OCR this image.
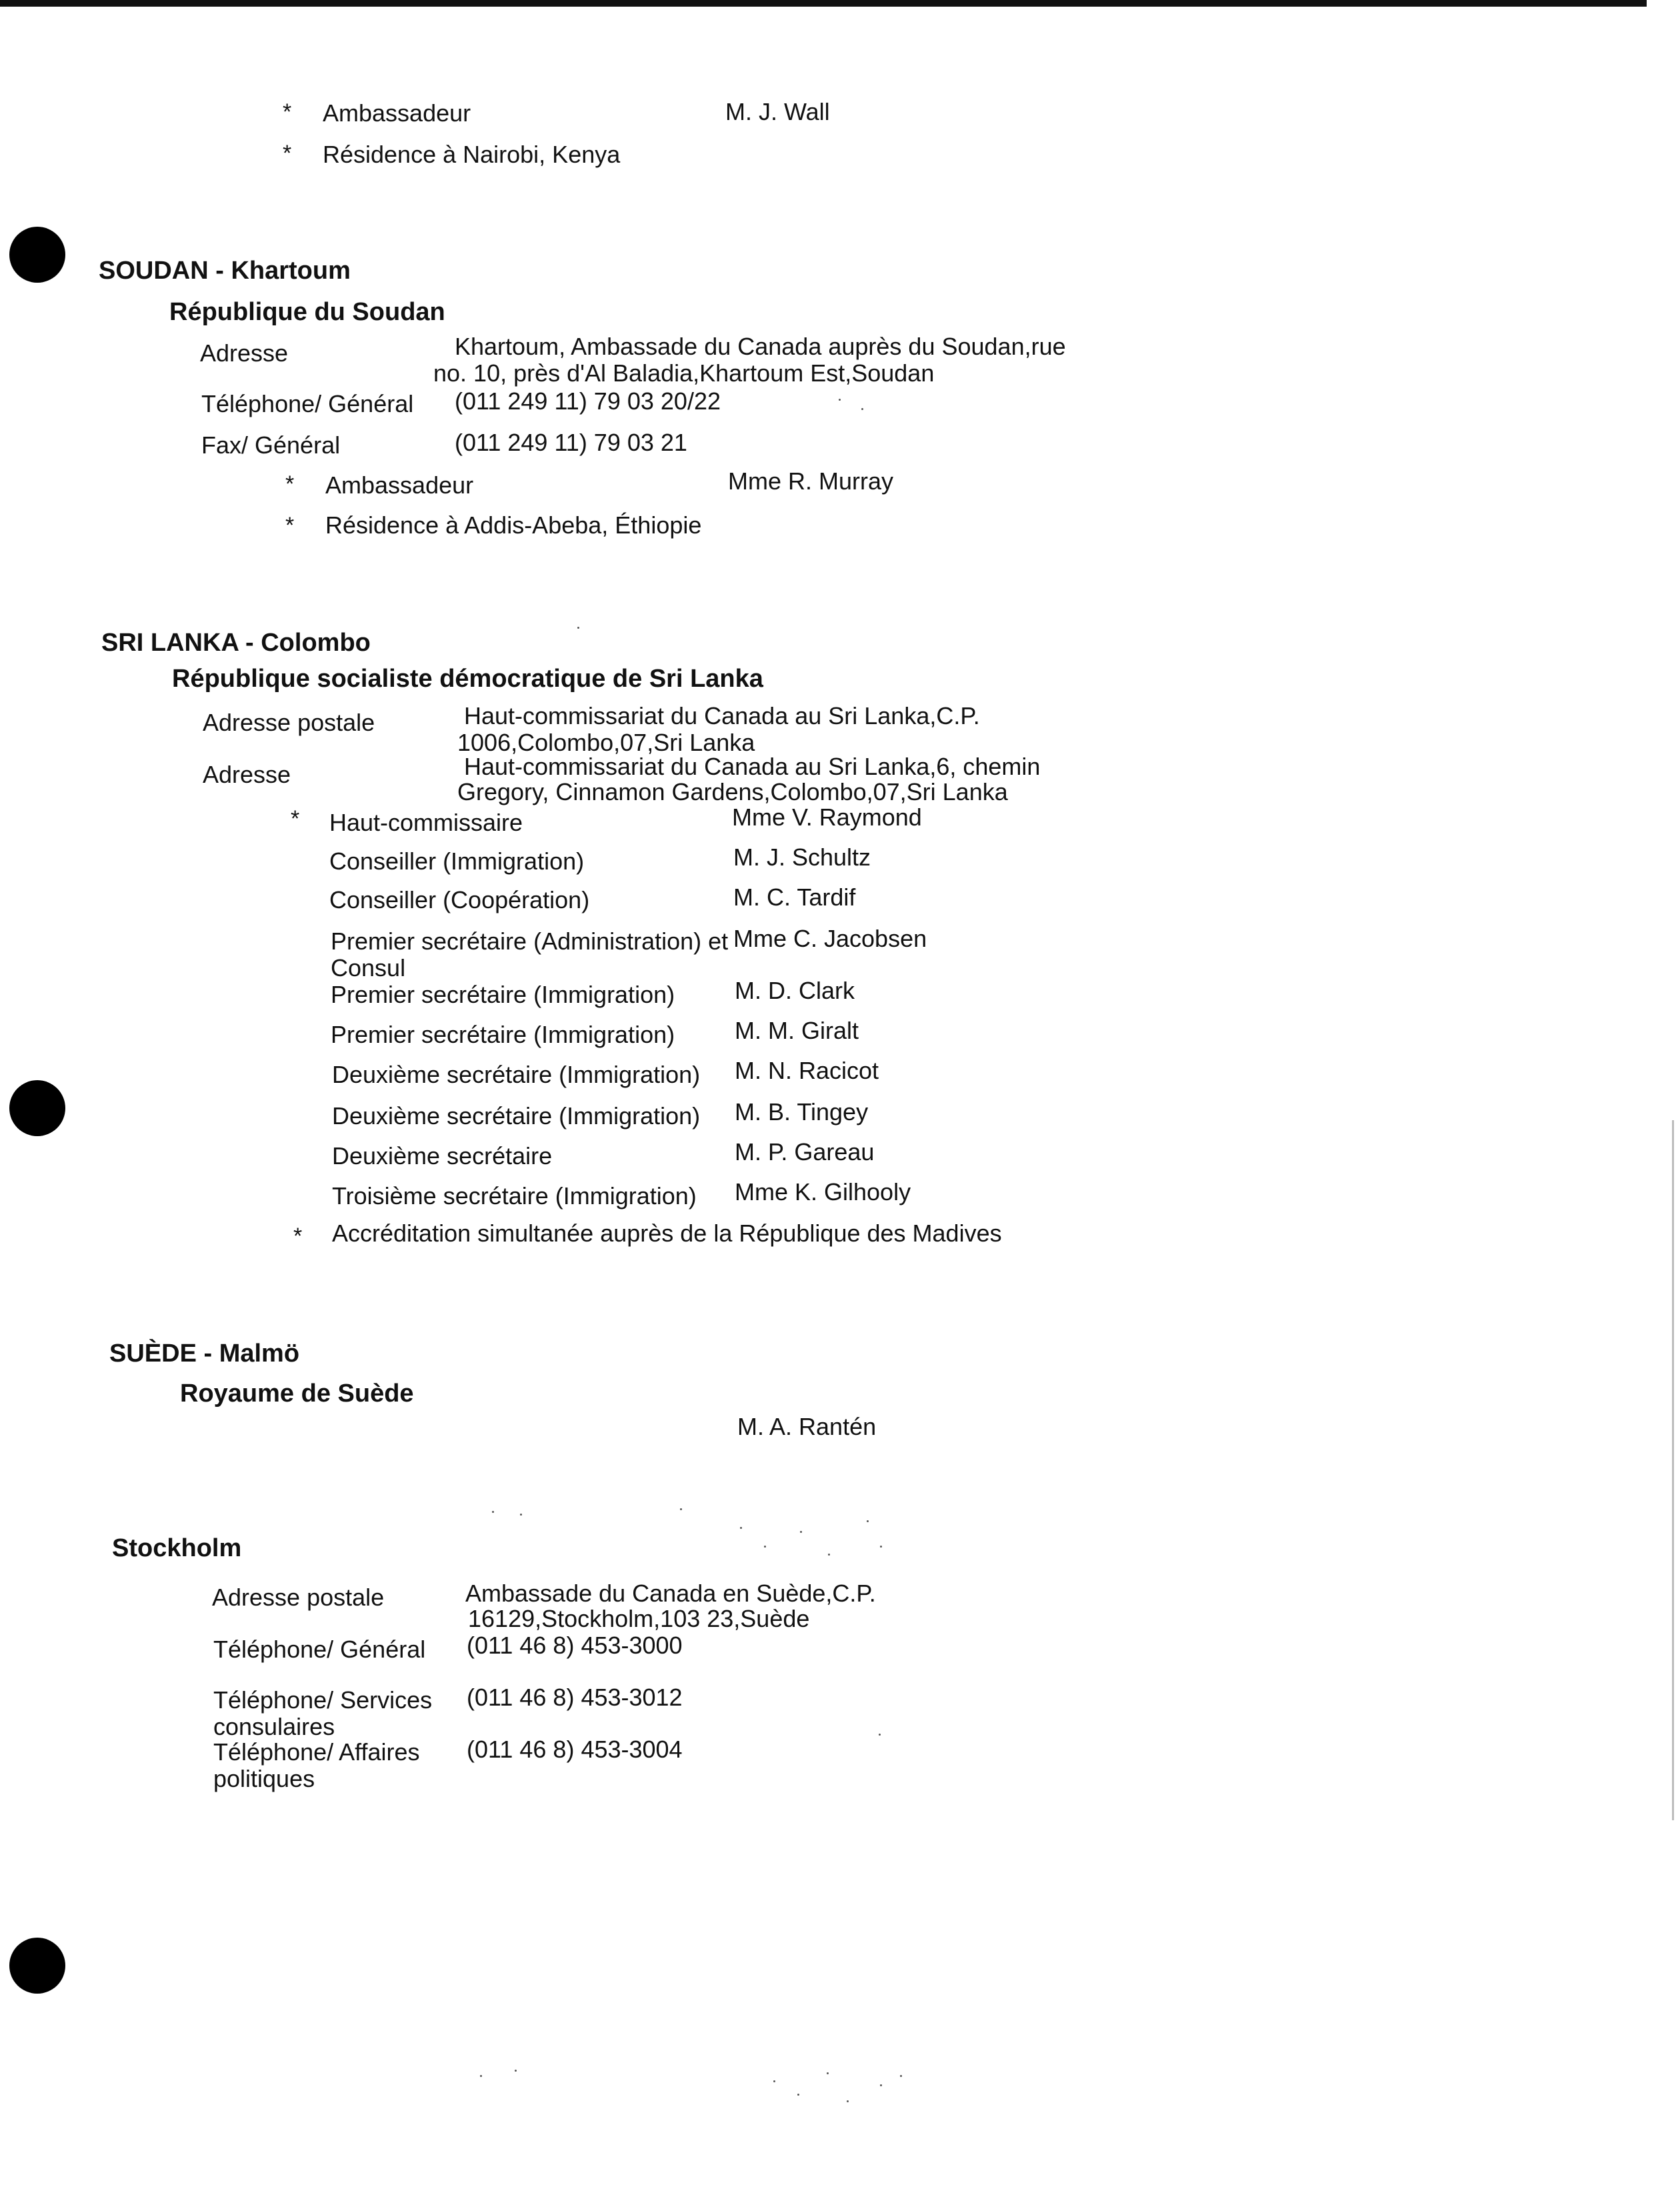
* Ambassadeur	M. J. Wall
* Résidence à Nairobi, Kenya
SOUDAN - Khartoum
République du Soudan
Adresse	Khartoum, Ambassade du Canada auprès du Soudan,rue
no. 10, près d'Al Baladia,Khartoum Est,Soudan
Téléphone/ Général (011 249 11) 79 03 20/22
Fax/ Général	(011 249 11) 79 03 21
* Ambassadeur	Mme R. Murray
* Résidence à Addis-Abeba, Éthiopie
SRI LANKA - Colombo
République socialiste démocratique de Sri Lanka
Adresse postale	Haut-commissariat du Canada au Sri Lanka,C.P.
1006,Colombo,07,Sri Lanka
Adresse	Haut-commissariat du Canada au Sri Lanka,6, chemin
Gregory, Cinnamon Gardens,Colombo,07,Sri Lanka
* Haut-commissaire	Mme V. Raymond
Conseiller (Immigration)	M. J. Schultz
Conseiller (Coopération)	M. C. Tardif
Premier secrétaire (Administration) et
Consul
Mme C. Jacobsen
Premier secrétaire (Immigration) M. D. Clark
Premier secrétaire (Immigration) M. M. Giralt
Deuxième secrétaire (Immigration) M. N. Racicot
Deuxième secrétaire (Immigration) M. B. Tingey
Deuxième secrétaire	M. P. Gareau
Troisième secrétaire (Immigration) Mme K. Gilhooly
* Accréditation simultanée auprès de la République des Madives
SUÈDE - Malmö
Royaume de Suède
M. A. Rantén
Stockholm
Adresse postale	Ambassade du Canada en Suède,C.P.
16129,Stockholm,103 23,Suède
Téléphone/ Général (011 46 8) 453-3000
Téléphone/ Services
consulaires
(011 46 8) 453-3012
Téléphone/ Affaires
politiques
(011 46 8) 453-3004
